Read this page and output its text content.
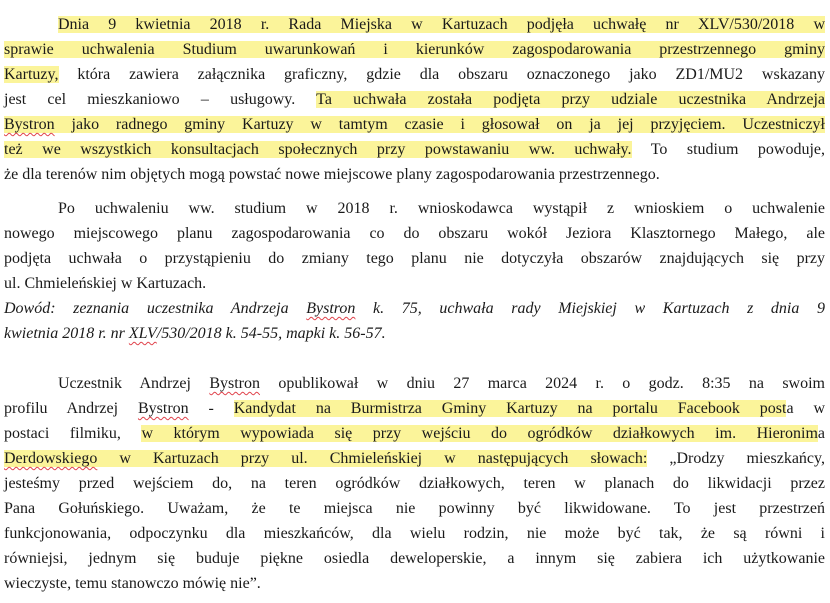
Dnia 9 kwietnia 2018 r. Rada Miejska w Kartuzach podjęła uchwałę nr XLV/530/2018 w
sprawie uchwalenia Studium uwarunkowań i kierunków zagospodarowania przestrzennego gminy
Kartuzy, która zawiera załącznika graficzny, gdzie dla obszaru oznaczonego jako ZD1/MU2 wskazany
jest cel mieszkaniowo – usługowy. Ta uchwała została podjęta przy udziale uczestnika Andrzeja
Bystron jako radnego gminy Kartuzy w tamtym czasie i głosował on ja jej przyjęciem. Uczestniczył
też we wszystkich konsultacjach społecznych przy powstawaniu ww. uchwały. To studium powoduje,
że dla terenów nim objętych mogą powstać nowe miejscowe plany zagospodarowania przestrzennego.
Po uchwaleniu ww. studium w 2018 r. wnioskodawca wystąpił z wnioskiem o uchwalenie
nowego miejscowego planu zagospodarowania co do obszaru wokół Jeziora Klasztornego Małego, ale
podjęta uchwała o przystąpieniu do zmiany tego planu nie dotyczyła obszarów znajdujących się przy
ul. Chmieleńskiej w Kartuzach.
Dowód: zeznania uczestnika Andrzeja Bystron k. 75, uchwała rady Miejskiej w Kartuzach z dnia 9
kwietnia 2018 r. nr XLV/530/2018 k. 54-55, mapki k. 56-57.
Uczestnik Andrzej Bystron opublikował w dniu 27 marca 2024 r. o godz. 8:35 na swoim
profilu Andrzej Bystron - Kandydat na Burmistrza Gminy Kartuzy na portalu Facebook posta w
postaci filmiku, w którym wypowiada się przy wejściu do ogródków działkowych im. Hieronima
Derdowskiego w Kartuzach przy ul. Chmieleńskiej w następujących słowach: „Drodzy mieszkańcy,
jesteśmy przed wejściem do, na teren ogródków działkowych, teren w planach do likwidacji przez
Pana Gołuńskiego. Uważam, że te miejsca nie powinny być likwidowane. To jest przestrzeń
funkcjonowania, odpoczynku dla mieszkańców, dla wielu rodzin, nie może być tak, że są równi i
równiejsi, jednym się buduje piękne osiedla deweloperskie, a innym się zabiera ich użytkowanie
wieczyste, temu stanowczo mówię nie”.
